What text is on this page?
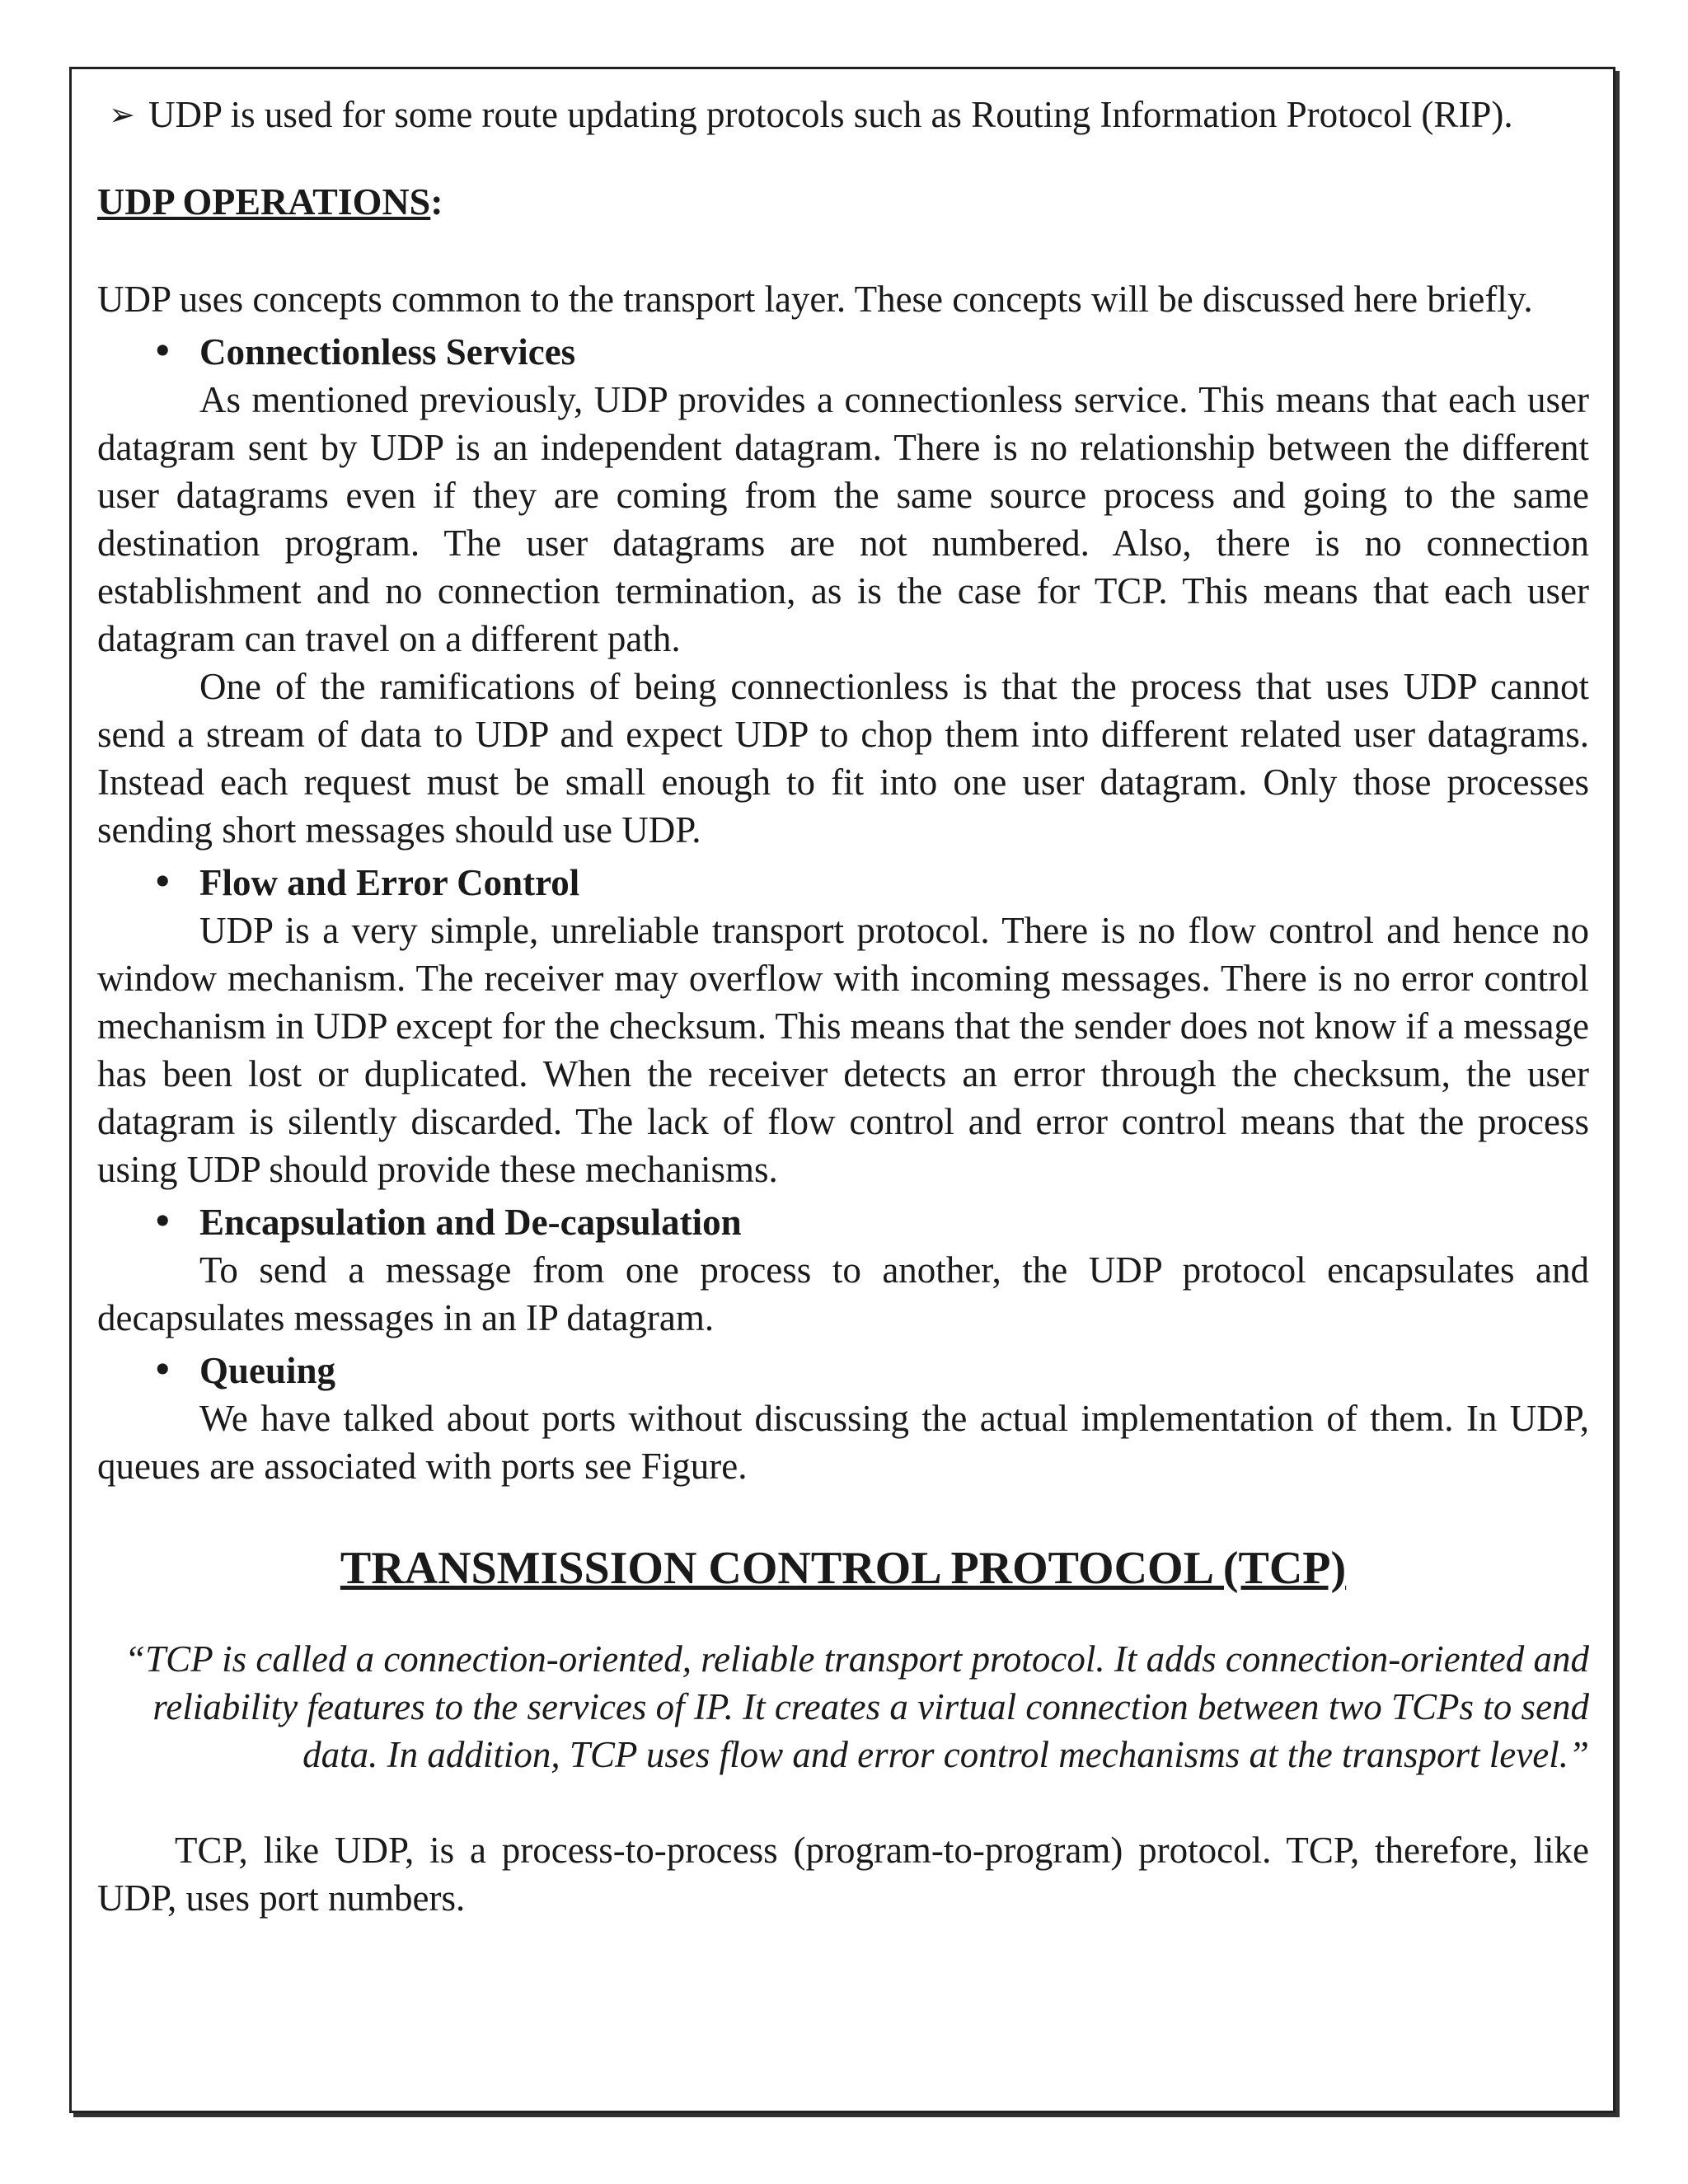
➢ UDP is used for some route updating protocols such as Routing Information Protocol (RIP).

UDP OPERATIONS:

UDP uses concepts common to the transport layer. These concepts will be discussed here briefly.

• Connectionless Services

As mentioned previously, UDP provides a connectionless service. This means that each user datagram sent by UDP is an independent datagram. There is no relationship between the different user datagrams even if they are coming from the same source process and going to the same destination program. The user datagrams are not numbered. Also, there is no connection establishment and no connection termination, as is the case for TCP. This means that each user datagram can travel on a different path.

One of the ramifications of being connectionless is that the process that uses UDP cannot send a stream of data to UDP and expect UDP to chop them into different related user datagrams. Instead each request must be small enough to fit into one user datagram. Only those processes sending short messages should use UDP.

• Flow and Error Control

UDP is a very simple, unreliable transport protocol. There is no flow control and hence no window mechanism. The receiver may overflow with incoming messages. There is no error control mechanism in UDP except for the checksum. This means that the sender does not know if a message has been lost or duplicated. When the receiver detects an error through the checksum, the user datagram is silently discarded. The lack of flow control and error control means that the process using UDP should provide these mechanisms.

• Encapsulation and De-capsulation

To send a message from one process to another, the UDP protocol encapsulates and decapsulates messages in an IP datagram.

• Queuing

We have talked about ports without discussing the actual implementation of them. In UDP, queues are associated with ports see Figure.

TRANSMISSION CONTROL PROTOCOL (TCP)

“TCP is called a connection-oriented, reliable transport protocol. It adds connection-oriented and reliability features to the services of IP. It creates a virtual connection between two TCPs to send data. In addition, TCP uses flow and error control mechanisms at the transport level.”

TCP, like UDP, is a process-to-process (program-to-program) protocol. TCP, therefore, like UDP, uses port numbers.
